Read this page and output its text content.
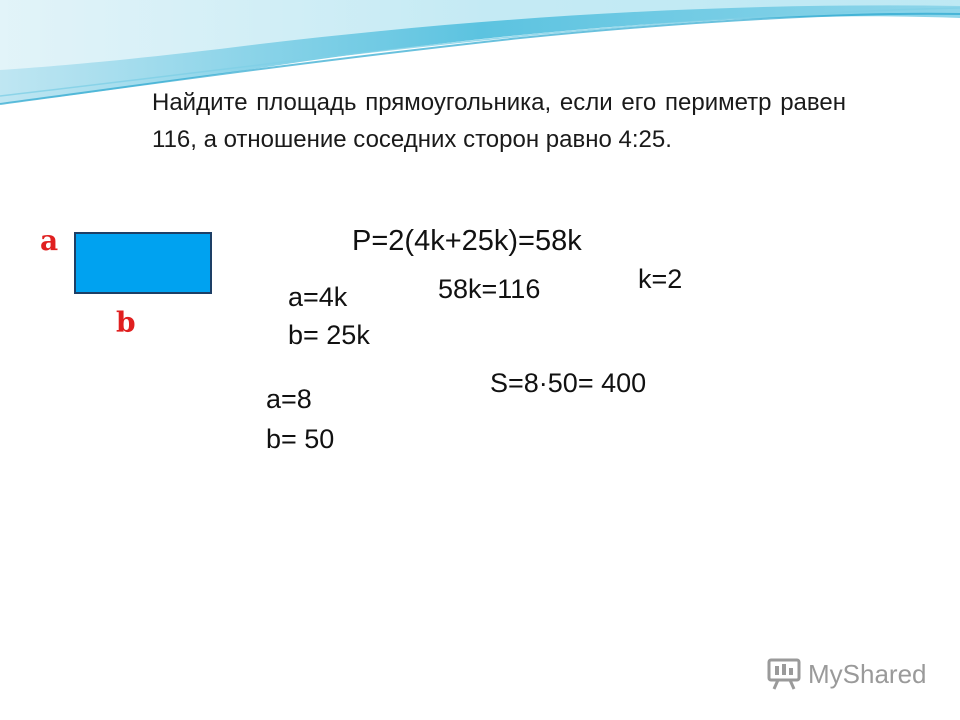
Найдите площадь прямоугольника, если его периметр равен 116, а отношение соседних сторон равно 4:25.

a
b
P=2(4k+25k)=58k
58k=116	k=2
a=4k
b= 25k
S=8·50= 400
a=8
b= 50
MyShared
